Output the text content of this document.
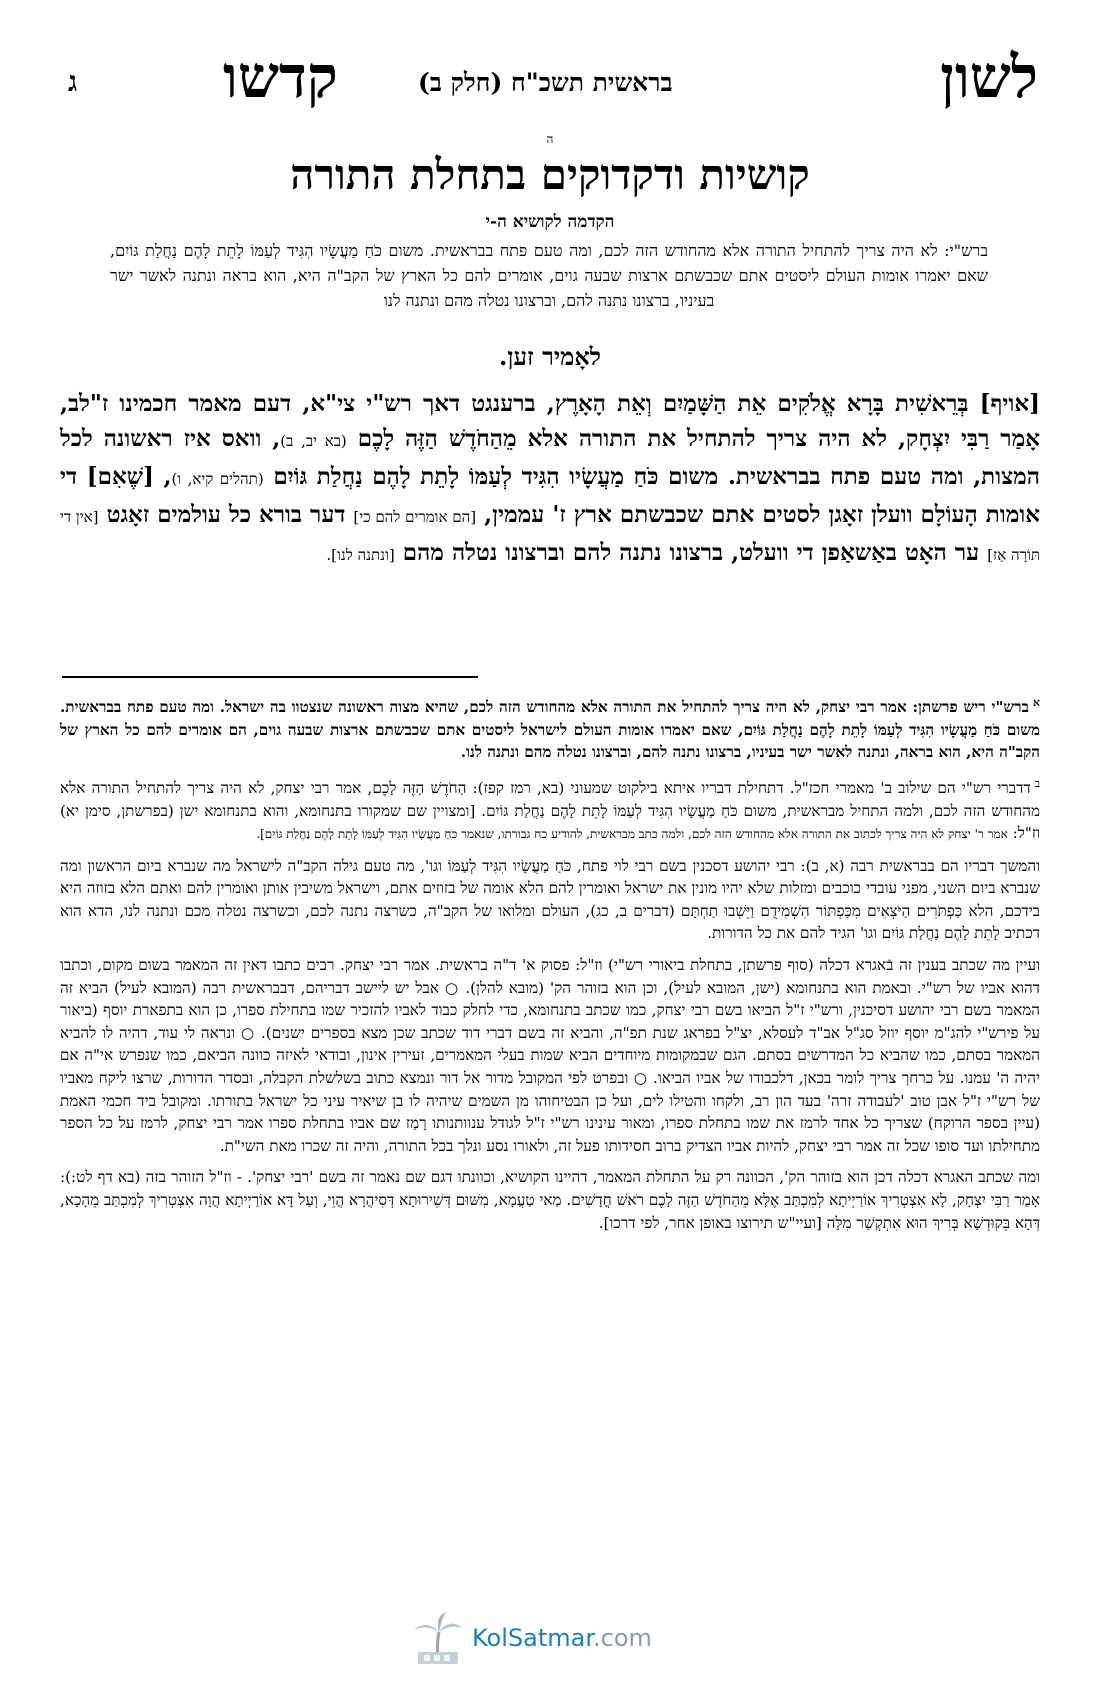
לשון
בראשית תשכ"ח (חלק ב)
קדשו
ג
ה
קושיות ודקדוקים בתחלת התורה
הקדמה לקושיא ה-י
ברש"י: לא היה צריך להתחיל התורה אלא מהחודש הזה לכם, ומה טעם פתח בבראשית. משום כֹּחַ מַעֲשָׂיו הִגִּיד לְעַמּוֹ לָתֵת לָהֶם נַחֲלַת גּוֹיִם, שאם יאמרו אומות העולם ליסטים אתם שכבשתם ארצות שבעה גוים, אומרים להם כל הארץ של הקב"ה היא, הוא בראה ונתנה לאשר ישר בעיניו, ברצונו נתנה להם, וברצונו נטלה מהם ונתנה לנו
לאָמיר זען.
[אויף] בְּרֵאשִׁית בָּרָא אֱלֹקִים אֵת הַשָּׁמַיִם וְאֵת הָאָרֶץ, ברענגט דאך רש"י צי"א, דעם מאמר חכמינו ז"לב, אָמַר רַבִּי יִצְחָק, לא היה צריך להתחיל את התורה אלא מֵהַחֹדֶשׁ הַזֶּה לָכֶם (בא יב, ב), וואס איז ראשונה לכל המצות, ומה טעם פתח בבראשית. משום כֹּחַ מַעֲשָׂיו הִגִּיד לְעַמּוֹ לָתֵת לָהֶם נַחֲלַת גּוֹיִם (תהלים קיא, ו), [שֶׁאִם] די אומות הָעוֹלָם וועלן זאָגן לסטים אתם שכבשתם ארץ ז' עממין, [הם אומרים להם כי] דער בורא כל עולמים זאָגט [אין די תּוֹרָה אַז] ער האָט באַשאַפן די וועלט, ברצונו נתנה להם וברצונו נטלה מהם [ונתנה לנו].

$^א$ברש"י ריש פרשתן: אמר רבי יצחק, לא היה צריך להתחיל את התורה אלא מהחודש הזה לכם, שהיא מצוה ראשונה שנצטוו בה ישראל. ומה טעם פתח בבראשית. משום כֹּחַ מַעֲשָׂיו הִגִּיד לְעַמּוֹ לָתֵת לָהֶם נַחֲלַת גּוֹיִם, שאם יאמרו אומות העולם לישראל ליסטים אתם שכבשתם ארצות שבעה גוים, הם אומרים להם כל הארץ של הקב"ה היא, הוא בראה, ונתנה לאשר ישר בעיניו, ברצונו נתנה להם, וברצונו נטלה מהם ונתנה לנו.

$^ב$דדברי רש"י הם שילוב ב' מאמרי חכז"ל. דתחילת דבריו איתא בילקוט שמעוני (בא, רמז קפז): הַחֹדֶשׁ הַזֶּה לָכֶם, אמר רבי יצחק, לא היה צריך להתחיל התורה אלא מהחודש הזה לכם, ולמה התחיל מבראשית, משום כֹּחַ מַעֲשָׂיו הִגִּיד לְעַמּוֹ לָתֵת לָהֶם נַחֲלַת גּוֹיִם. [ומצויין שם שמקורו בתנחומא, והוא בתנחומא ישן (בפרשתן, סימן יא) וז"ל: אמר ר' יצחק לא היה צריך לכתוב את התורה אלא מהחודש הזה לכם, ולמה כתב מבראשית, להודיע כח גבורתו, שנאמר כֹּחַ מַעֲשָׂיו הִגִּיד לְעַמּוֹ לָתֵת לָהֶם נַחֲלַת גּוֹיִם].

והמשך דבריו הם בבראשית רבה (א, ב): רבי יהושע דסכנין בשם רבי לוי פתח, כֹּחַ מַעֲשָׂיו הִגִּיד לְעַמּוֹ וגו', מה טעם גילה הקב"ה לישראל מה שנברא ביום הראשון ומה שנברא ביום השני, מפני עובדי כוכבים ומזלות שלא יהיו מונין את ישראל ואומרין להם הלא אומה של בזוזים אתם, וישראל משיבין אותן ואומרין להם ואתם הלא בזוזה היא בידכם, הלא כַּפְתֹּרִים הַיֹּצְאִים מִכַּפְתּוֹר הִשְׁמִידֻם וַיֵּשְׁבוּ תַחְתָּם (דברים ב, כג), העולם ומלואו של הקב"ה, כשרצה נתנה לכם, וכשרצה נטלה מכם ונתנה לנו, הדא הוא דכתיב לָתֵת לָהֶם נַחֲלַת גּוֹיִם וגו' הגיד להם את כל הדורות.

ועיין מה שכתב בענין זה בֿאגרא דכלה (סוף פרשתן, בתחלת ביאורי רש"י) וז"ל: פסוק א' ד"ה בראשית. אמר רבי יצחק. רבים כתבו דאין זה המאמר בשום מקום, וכתבו דהוא אביו של רש"י. ובאמת הוא בתנחומא (ישן, המובא לעיל), וכן הוא בזוהר הק' (מובא להלן). ○ אבל יש ליישב דבריהם, דבבראשית רבה (המובא לעיל) הביא זה המאמר בשם רבי יהושע דסיכנין, ורש"י ז"ל הביאו בשם רבי יצחק, כמו שכתב בתנחומא, כדי לחלק כבוד לאביו להזכיר שמו בתחילת ספרו, כן הוא בתפארת יוסף (ביאור על פירש"י להג"מ יוסף יוזל סג"ל אב"ד לעסלא, יצ"ל בפראג שנת תפ"ה, והביא זה בשם דברי דוד שכתב שכן מצא בספרים ישנים). ○ ונראה לי עוד, דהיה לו להביא המאמר בסתם, כמו שהביא כל המדרשים בסתם. הגם שבמקומות מיוחדים הביא שמות בעלי המאמרים, זעירין אינון, ובודאי לאיזה כוונה הביאם, כמו שנפרש אי"ה אם יהיה ה' עמנו. על כרחך צריך לומר בכאן, דלכבודו של אביו הביאו. ○ ובפרט לפי המקובל מדור אל דור ונמצא כתוב בשלשלת הקבלה, ובסדר הדורות, שרצו ליקח מאביו של רש"י ז"ל אבן טוב 'לעבודה זרה' בעד הון רב, ולקחו והטילו לים, ועל כן הבטיחוהו מן השמים שיהיה לו בן שיאיר עיני כל ישראל בתורתו. ומקובל ביד חכמי האמת (עיין בספר הרוקח) שצריך כל אחד לרמז את שמו בתחלת ספרו, ומאור עינינו רש"י ז"ל לגודל ענוותנותו רָמַז שם אביו בתחלת ספרו אמר רבי יצחק, לרמז על כל הספר מתחילתו ועד סופו שכל זה אמר רבי יצחק, להיות אביו הצדיק ברוב חסידותו פעל זה, ולאורו נסע ונלך בכל התורה, והיה זה שכרו מאת השי"ת.

ומה שכתב האגרא דכלה דכן הוא בזוהר הק', הכוונה רק על התחלת המאמר, דהיינו הקושיא, וכוונתו דגם שם נאמר זה בשם 'רבי יצחק'. - וז"ל הזוהר בזה (בא דף לט:): אָמַר רַבִּי יִצְחָק, לָא אִצְטְרִיךְ אוֹרַיְיתָא לְמִכְתַּב אֶלָּא מֵהַחֹדֶשׁ הַזֶּה לָכֶם רֹאשׁ חֳדָשִׁים. מַאי טַעֲמָא, מִשּׁוּם דְּשֵׁירוּתָא דְּסִיהֲרָא הֲוֵי, וְעַל דָּא אוֹרַיְיתָא הֲוָה אִצְטְרִיךְ לְמִכְתַּב מֵהָכָא, דְּהָא בְּקוּדְשָׁא בְּרִיךְ הוּא אִתְקְשַׁר מִלָּה [ועיי"ש תירוצו באופן אחר, לפי דרכו].

KolSatmar.com
